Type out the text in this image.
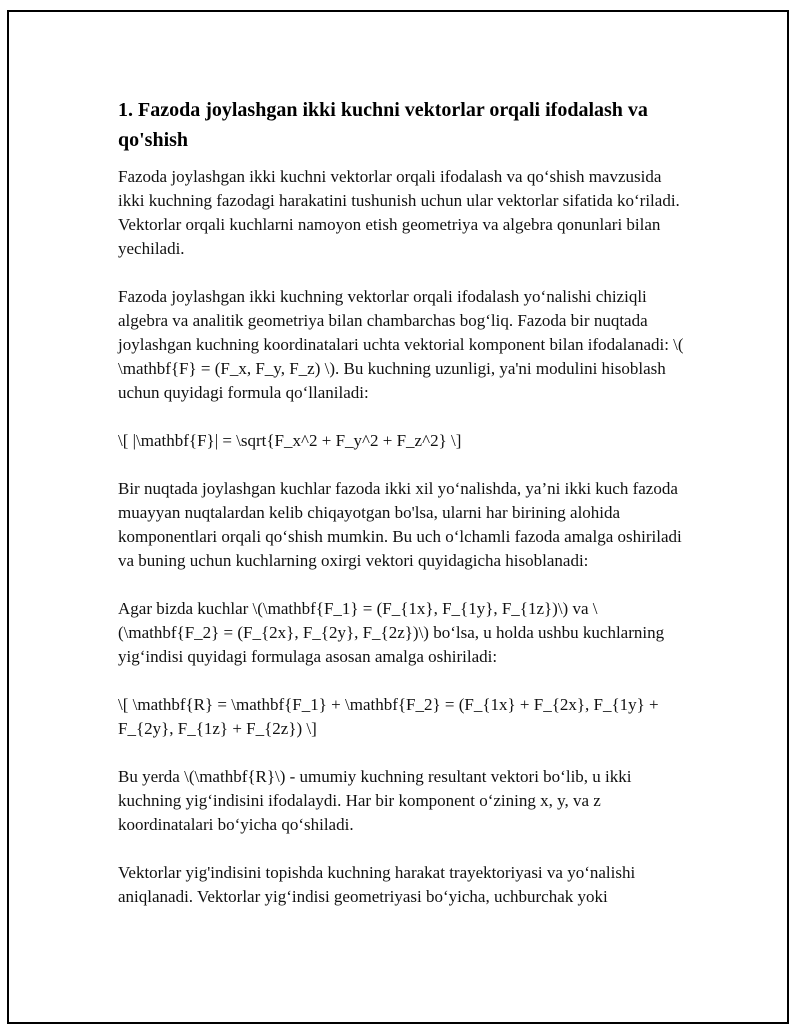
1. Fazoda joylashgan ikki kuchni vektorlar orqali ifodalash va qo'shish

Fazoda joylashgan ikki kuchni vektorlar orqali ifodalash va qo‘shish mavzusida ikki kuchning fazodagi harakatini tushunish uchun ular vektorlar sifatida ko‘riladi. Vektorlar orqali kuchlarni namoyon etish geometriya va algebra qonunlari bilan yechiladi.

Fazoda joylashgan ikki kuchning vektorlar orqali ifodalash yo‘nalishi chiziqli algebra va analitik geometriya bilan chambarchas bog‘liq. Fazoda bir nuqtada joylashgan kuchning koordinatalari uchta vektorial komponent bilan ifodalanadi: \( \mathbf{F} = (F_x, F_y, F_z) \). Bu kuchning uzunligi, ya'ni modulini hisoblash uchun quyidagi formula qo‘llaniladi:

\[ |\mathbf{F}| = \sqrt{F_x^2 + F_y^2 + F_z^2} \]

Bir nuqtada joylashgan kuchlar fazoda ikki xil yo‘nalishda, ya’ni ikki kuch fazoda muayyan nuqtalardan kelib chiqayotgan bo'lsa, ularni har birining alohida komponentlari orqali qo‘shish mumkin. Bu uch o‘lchamli fazoda amalga oshiriladi va buning uchun kuchlarning oxirgi vektori quyidagicha hisoblanadi:

Agar bizda kuchlar \(\mathbf{F_1} = (F_{1x}, F_{1y}, F_{1z})\) va \(\mathbf{F_2} = (F_{2x}, F_{2y}, F_{2z})\) bo‘lsa, u holda ushbu kuchlarning yig‘indisi quyidagi formulaga asosan amalga oshiriladi:

\[ \mathbf{R} = \mathbf{F_1} + \mathbf{F_2} = (F_{1x} + F_{2x}, F_{1y} + F_{2y}, F_{1z} + F_{2z}) \]

Bu yerda \(\mathbf{R}\) - umumiy kuchning resultant vektori bo‘lib, u ikki kuchning yig‘indisini ifodalaydi. Har bir komponent o‘zining x, y, va z koordinatalari bo‘yicha qo‘shiladi.

Vektorlar yig'indisini topishda kuchning harakat trayektoriyasi va yo‘nalishi aniqlanadi. Vektorlar yig‘indisi geometriyasi bo‘yicha, uchburchak yoki
